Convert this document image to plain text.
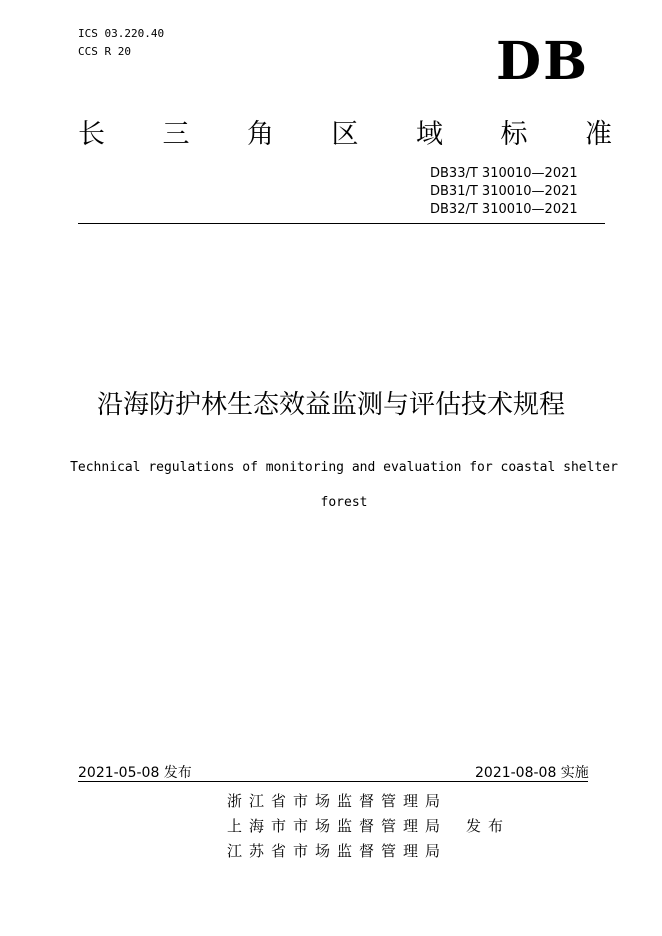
ICS 03.220.40
CCS R 20	DB
长 三 角 区 域 标 准
DB33/T 310010—2021
DB31/T 310010—2021
DB32/T 310010—2021
沿海防护林生态效益监测与评估技术规程
Technical regulations of monitoring and evaluation for coastal shelter
forest
2021-05-08 发布	2021-08-08 实施
浙江省市场监督管理局
上海市市场监督管理局
江苏省市场监督管理局
发布
